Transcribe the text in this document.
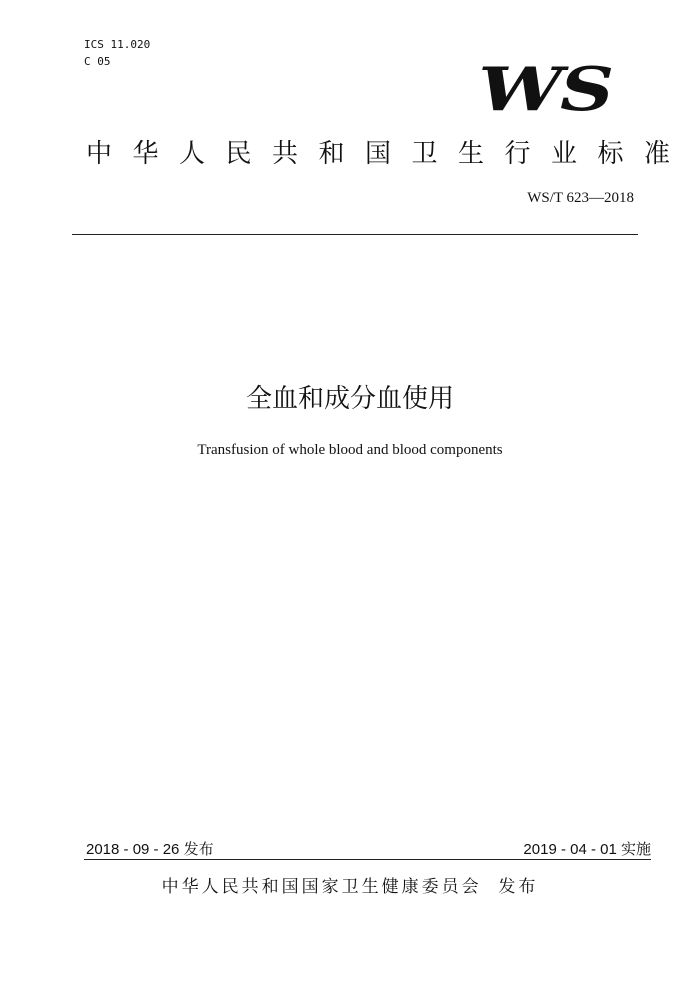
ICS 11.020
C 05	WS
中华人民共和国卫生行业标准
WS/T 623—2018
全血和成分血使用
Transfusion of whole blood and blood components
2018 - 09 - 26 发布	2019 - 04 - 01 实施
中华人民共和国国家卫生健康委员会  发布
